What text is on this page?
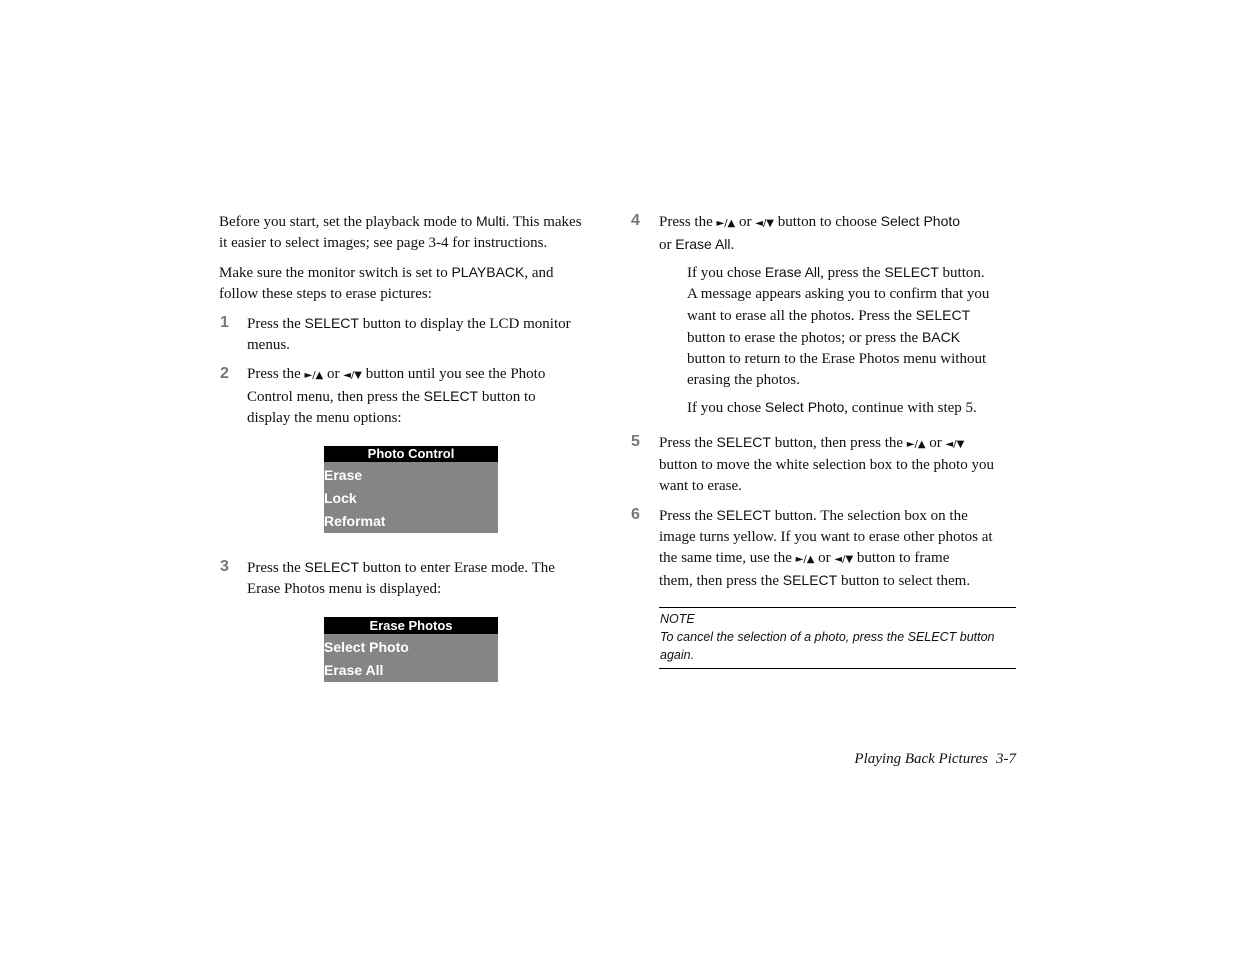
Before you start, set the playback mode to Multi. This makes
it easier to select images; see page 3-4 for instructions.
Make sure the monitor switch is set to PLAYBACK, and
follow these steps to erase pictures:
1 Press the SELECT button to display the LCD monitor
menus.
2 Press the ►/▲ or ◄/▼ button until you see the Photo
Control menu, then press the SELECT button to
display the menu options:
Photo Control
Erase
Lock
Reformat
3 Press the SELECT button to enter Erase mode. The
Erase Photos menu is displayed:
Erase Photos
Select Photo
Erase All
4 Press the ►/▲ or ◄/▼ button to choose Select Photo
or Erase All.
If you chose Erase All, press the SELECT button.
A message appears asking you to confirm that you
want to erase all the photos. Press the SELECT
button to erase the photos; or press the BACK
button to return to the Erase Photos menu without
erasing the photos.
If you chose Select Photo, continue with step 5.
5 Press the SELECT button, then press the ►/▲ or ◄/▼
button to move the white selection box to the photo you
want to erase.
6 Press the SELECT button. The selection box on the
image turns yellow. If you want to erase other photos at
the same time, use the ►/▲ or ◄/▼ button to frame
them, then press the SELECT button to select them.
NOTE
To cancel the selection of a photo, press the SELECT button
again.
Playing Back Pictures 3-7
